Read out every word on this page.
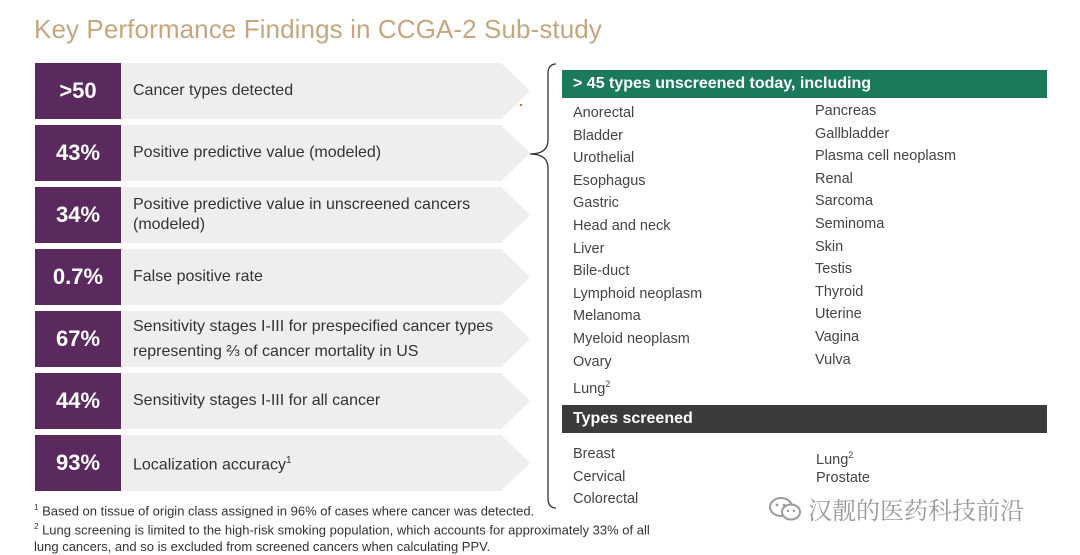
Key Performance Findings in CCGA-2 Sub-study
>50	Cancer types detected
43%	Positive predictive value (modeled)
34%	Positive predictive value in unscreened cancers
(modeled)
0.7%	False positive rate
67%	Sensitivity stages I-III for prespecified cancer types
representing ⅔ of cancer mortality in US
44%	Sensitivity stages I-III for all cancer
93%	Localization accuracy$^1$
> 45 types unscreened today, including
Anorectal
Bladder
Urothelial
Esophagus
Gastric
Head and neck
Liver
Bile-duct
Lymphoid neoplasm
Melanoma
Myeloid neoplasm
Ovary
Lung$^2$
Pancreas
Gallbladder
Plasma cell neoplasm
Renal
Sarcoma
Seminoma
Skin
Testis
Thyroid
Uterine
Vagina
Vulva
Types screened
Breast
Cervical
Colorectal
Lung$^2$
Prostate
$^1$ Based on tissue of origin class assigned in 96% of cases where cancer was detected.
$^2$ Lung screening is limited to the high-risk smoking population, which accounts for approximately 33% of all
lung cancers, and so is excluded from screened cancers when calculating PPV.
汉靓的医药科技前沿
